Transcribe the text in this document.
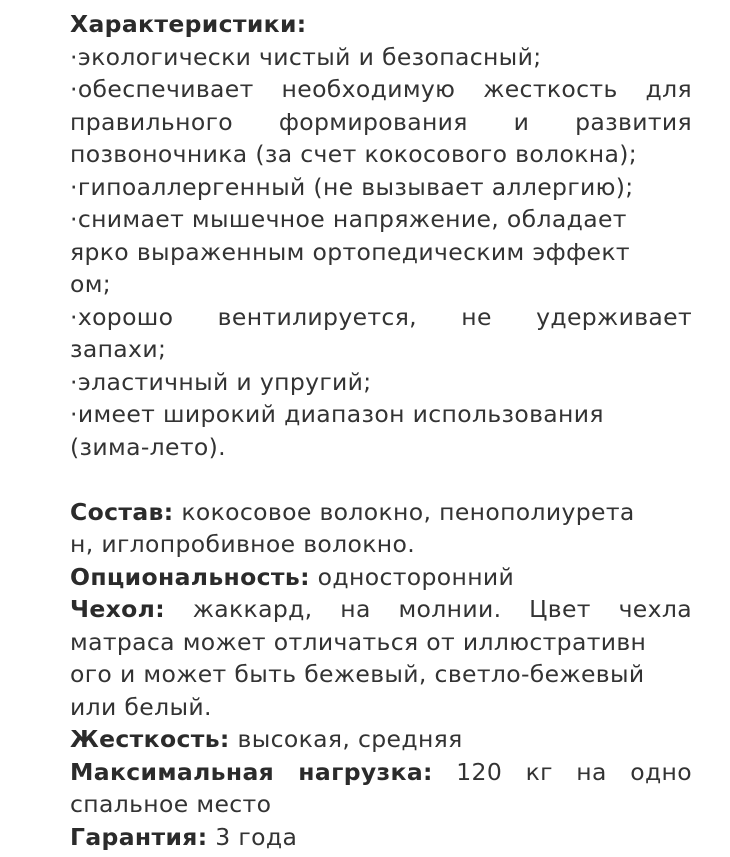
Характеристики:
·экологически чистый и безопасный;
·обеспечивает необходимую жесткость для
правильного формирования и развития
позвоночника (за счет кокосового волокна);
·гипоаллергенный (не вызывает аллергию);
·снимает мышечное напряжение, обладает
ярко выраженным ортопедическим эффект
ом;
·хорошо вентилируется, не удерживает
запахи;
·эластичный и упругий;
·имеет широкий диапазон использования
(зима-лето).
Состав: кокосовое волокно, пенополиурета
н, иглопробивное волокно.
Опциональность: односторонний
Чехол: жаккард, на молнии. Цвет чехла
матраса может отличаться от иллюстративн
ого и может быть бежевый, светло-бежевый
или белый.
Жесткость: высокая, средняя
Максимальная нагрузка: 120 кг на одно
спальное место
Гарантия: 3 года
